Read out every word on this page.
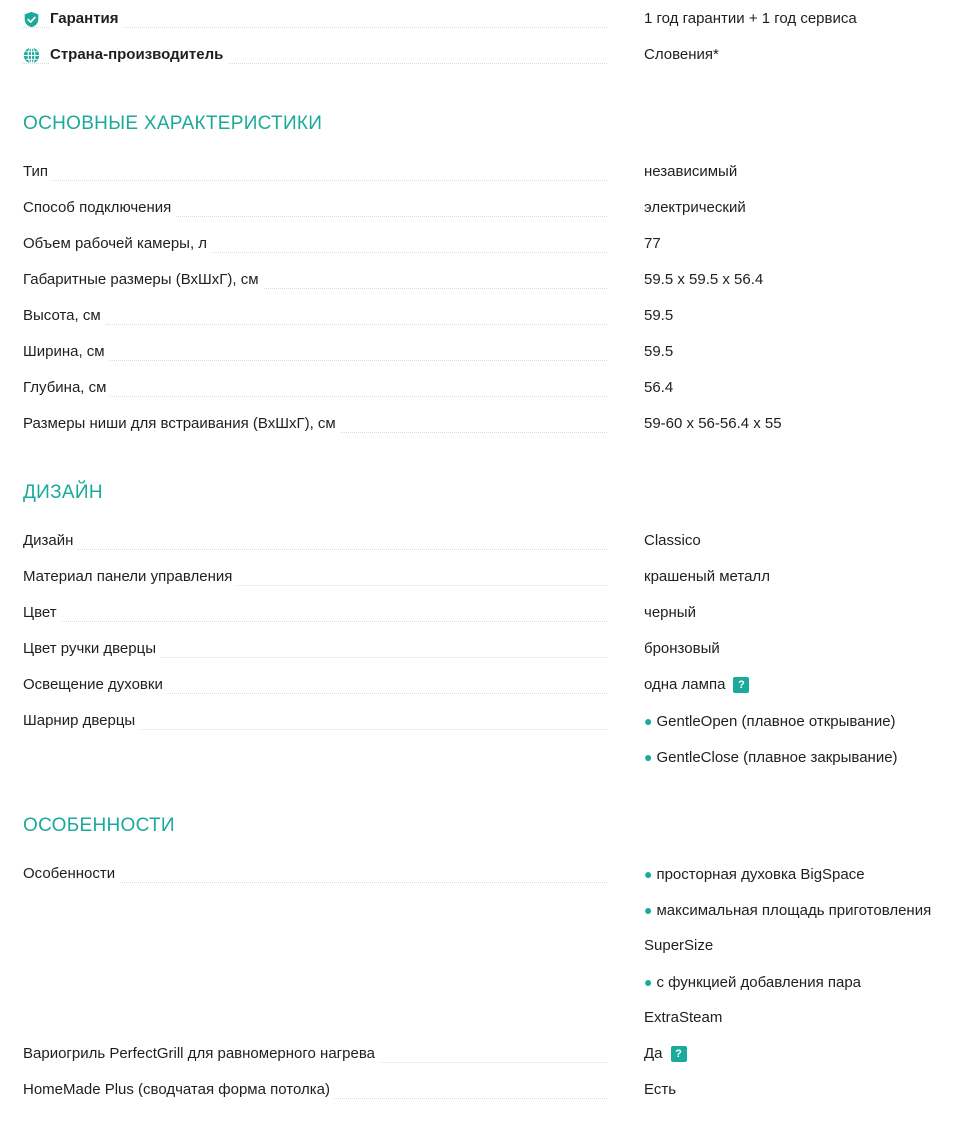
Гарантия	1 год гарантии + 1 год сервиса
Страна-производитель	Словения*
ОСНОВНЫЕ ХАРАКТЕРИСТИКИ
Тип	независимый
Способ подключения	электрический
Объем рабочей камеры, л	77
Габаритные размеры (ВхШхГ), см	59.5 x 59.5 x 56.4
Высота, см	59.5
Ширина, см	59.5
Глубина, см	56.4
Размеры ниши для встраивания (ВхШхГ), см	59-60 x 56-56.4 x 55
ДИЗАЙН
Дизайн	Classico
Материал панели управления	крашеный металл
Цвет	черный
Цвет ручки дверцы	бронзовый
Освещение духовки	одна лампа ?
Шарнир дверцы	● GentleOpen (плавное открывание)
● GentleClose (плавное закрывание)
ОСОБЕННОСТИ
Особенности	● просторная духовка BigSpace
● максимальная площадь приготовления
SuperSize
● с функцией добавления пара
ExtraSteam
Вариогриль PerfectGrill для равномерного нагрева	Да ?
HomeMade Plus (сводчатая форма потолка)	Есть
